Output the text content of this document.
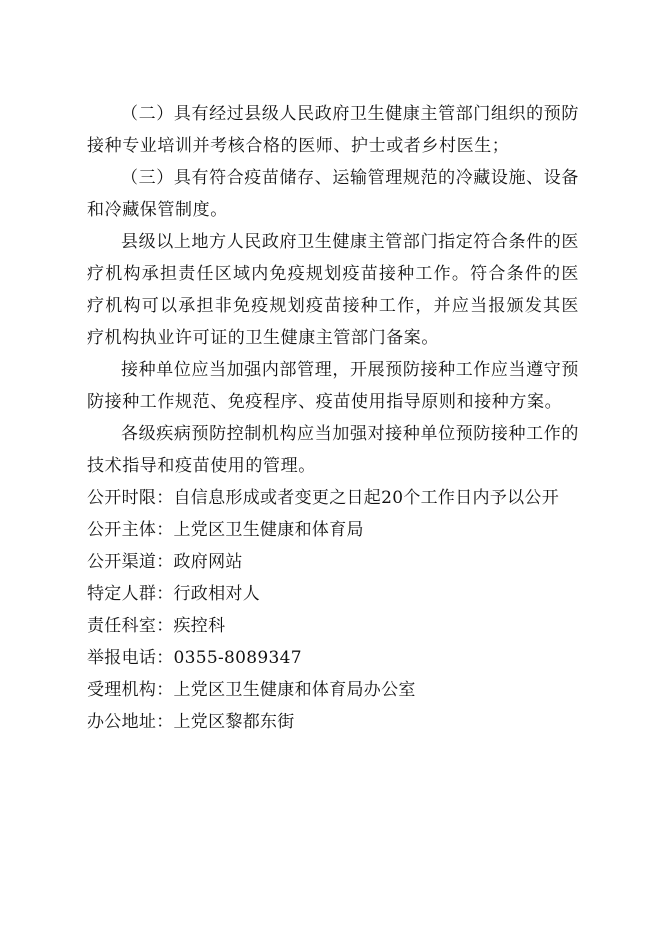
（二）具有经过县级人民政府卫生健康主管部门组织的预防接种专业培训并考核合格的医师、护士或者乡村医生；

（三）具有符合疫苗储存、运输管理规范的冷藏设施、设备和冷藏保管制度。

县级以上地方人民政府卫生健康主管部门指定符合条件的医疗机构承担责任区域内免疫规划疫苗接种工作。符合条件的医疗机构可以承担非免疫规划疫苗接种工作，并应当报颁发其医疗机构执业许可证的卫生健康主管部门备案。

接种单位应当加强内部管理，开展预防接种工作应当遵守预防接种工作规范、免疫程序、疫苗使用指导原则和接种方案。

各级疾病预防控制机构应当加强对接种单位预防接种工作的技术指导和疫苗使用的管理。

公开时限：自信息形成或者变更之日起20个工作日内予以公开

公开主体：上党区卫生健康和体育局

公开渠道：政府网站

特定人群：行政相对人

责任科室：疾控科

举报电话：0355-8089347

受理机构：上党区卫生健康和体育局办公室

办公地址：上党区黎都东街
